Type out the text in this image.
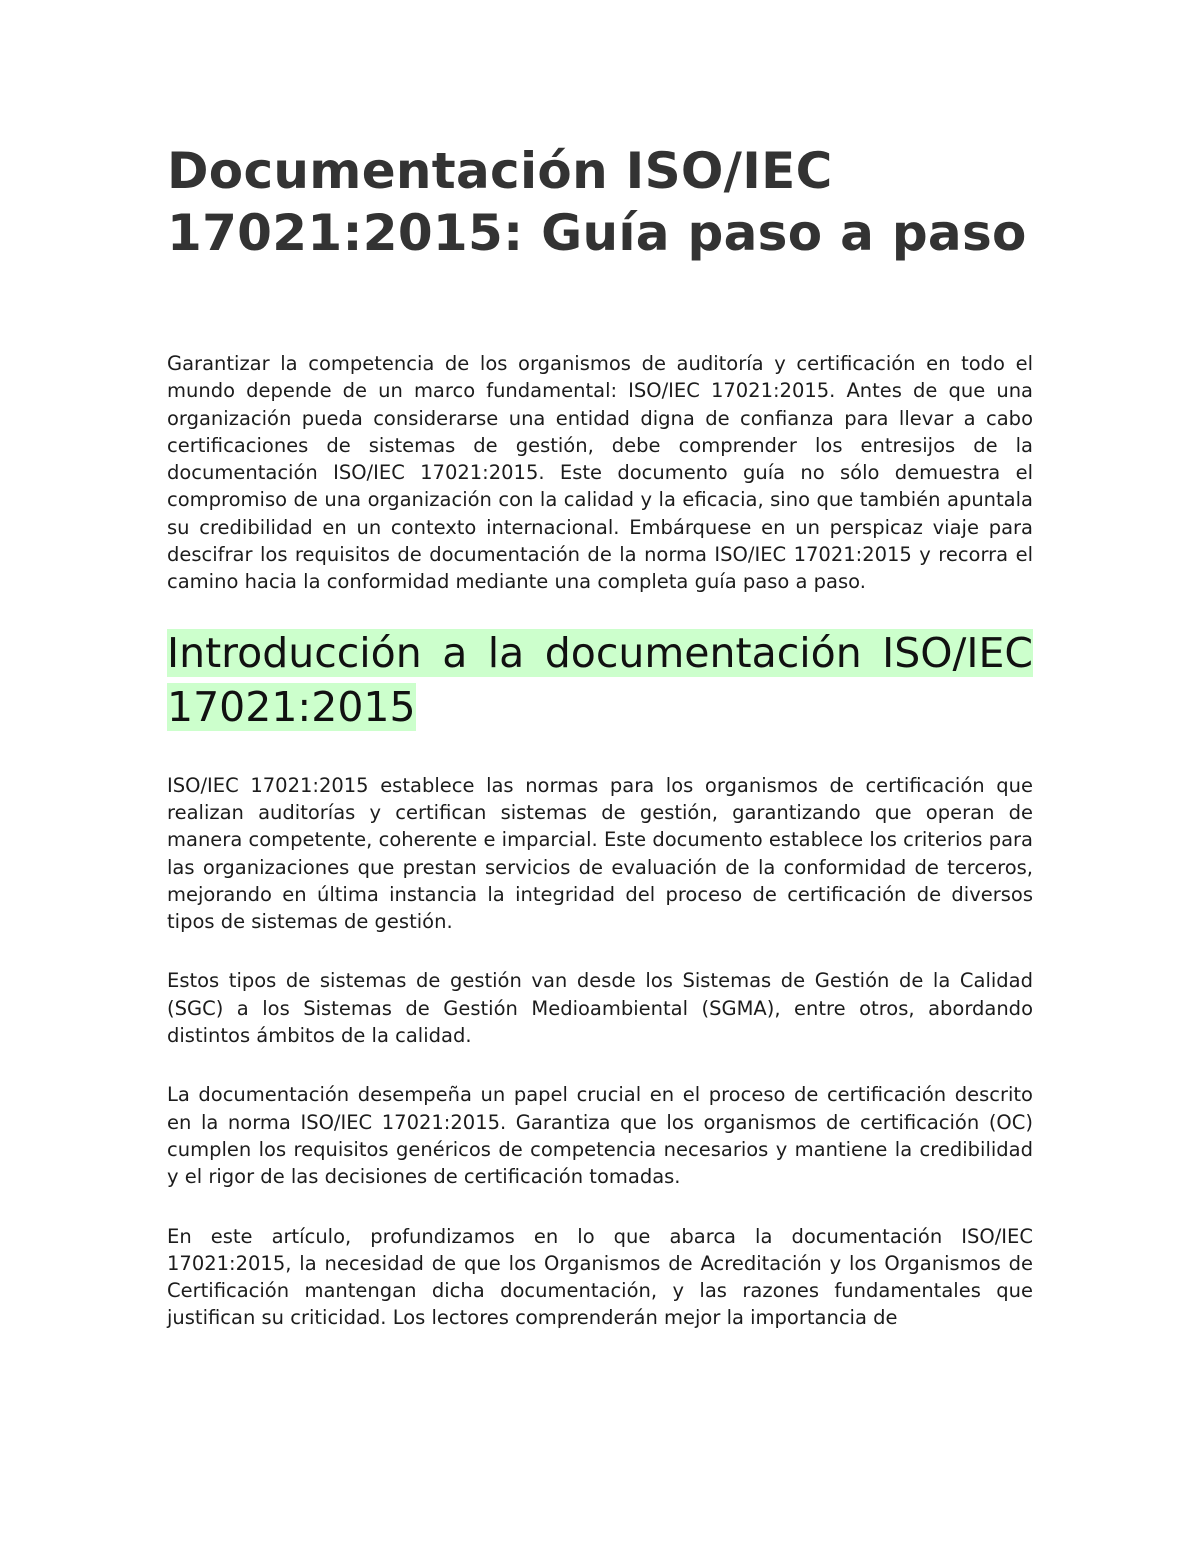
Documentación ISO/IEC 17021:2015: Guía paso a paso

Garantizar la competencia de los organismos de auditoría y certificación en todo el mundo depende de un marco fundamental: ISO/IEC 17021:2015. Antes de que una organización pueda considerarse una entidad digna de confianza para llevar a cabo certificaciones de sistemas de gestión, debe comprender los entresijos de la documentación ISO/IEC 17021:2015. Este documento guía no sólo demuestra el compromiso de una organización con la calidad y la eficacia, sino que también apuntala su credibilidad en un contexto internacional. Embárquese en un perspicaz viaje para descifrar los requisitos de documentación de la norma ISO/IEC 17021:2015 y recorra el camino hacia la conformidad mediante una completa guía paso a paso.

Introducción a la documentación ISO/IEC 17021:2015

ISO/IEC 17021:2015 establece las normas para los organismos de certificación que realizan auditorías y certifican sistemas de gestión, garantizando que operan de manera competente, coherente e imparcial. Este documento establece los criterios para las organizaciones que prestan servicios de evaluación de la conformidad de terceros, mejorando en última instancia la integridad del proceso de certificación de diversos tipos de sistemas de gestión.

Estos tipos de sistemas de gestión van desde los Sistemas de Gestión de la Calidad (SGC) a los Sistemas de Gestión Medioambiental (SGMA), entre otros, abordando distintos ámbitos de la calidad.

La documentación desempeña un papel crucial en el proceso de certificación descrito en la norma ISO/IEC 17021:2015. Garantiza que los organismos de certificación (OC) cumplen los requisitos genéricos de competencia necesarios y mantiene la credibilidad y el rigor de las decisiones de certificación tomadas.

En este artículo, profundizamos en lo que abarca la documentación ISO/IEC 17021:2015, la necesidad de que los Organismos de Acreditación y los Organismos de Certificación mantengan dicha documentación, y las razones fundamentales que justifican su criticidad. Los lectores comprenderán mejor la importancia de
